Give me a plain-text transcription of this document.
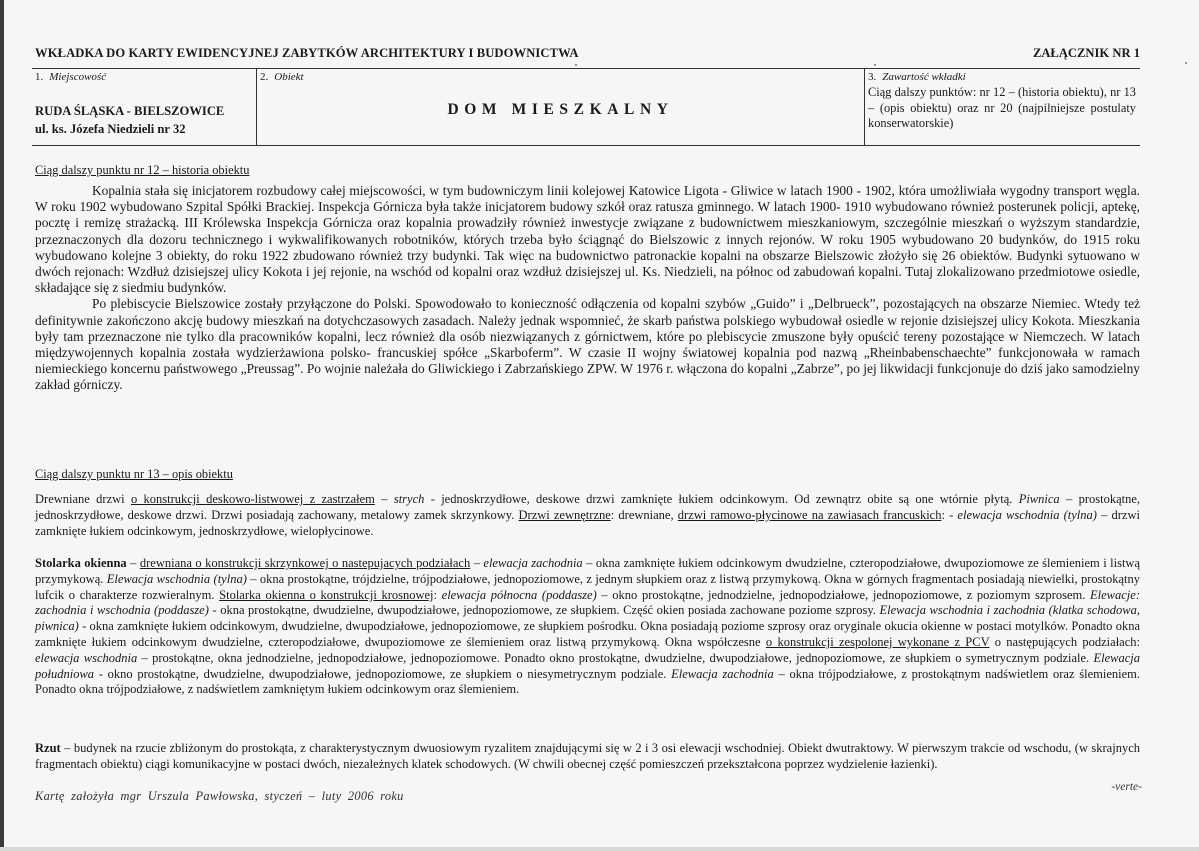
WKŁADKA DO KARTY EWIDENCYJNEJ ZABYTKÓW ARCHITEKTURY I BUDOWNICTWA	ZAŁĄCZNIK NR 1
1. Miejscowość
RUDA ŚLĄSKA - BIELSZOWICE
ul. ks. Józefa Niedzieli nr 32
2. Obiekt
DOM MIESZKALNY
3. Zawartość wkładki
Ciąg dalszy punktów: nr 12 – (historia obiektu), nr 13 – (opis obiektu) oraz nr 20 (najpilniejsze postulaty konserwatorskie)
Ciąg dalszy punktu nr 12 – historia obiektu

Kopalnia stała się inicjatorem rozbudowy całej miejscowości, w tym budowniczym linii kolejowej Katowice Ligota - Gliwice w latach 1900 - 1902, która umożliwiała wygodny transport węgla. W roku 1902 wybudowano Szpital Spółki Brackiej. Inspekcja Górnicza była także inicjatorem budowy szkół oraz ratusza gminnego. W latach 1900- 1910 wybudowano również posterunek policji, aptekę, pocztę i remizę strażacką. III Królewska Inspekcja Górnicza oraz kopalnia prowadziły również inwestycje związane z budownictwem mieszkaniowym, szczególnie mieszkań o wyższym standardzie, przeznaczonych dla dozoru technicznego i wykwalifikowanych robotników, których trzeba było ściągnąć do Bielszowic z innych rejonów. W roku 1905 wybudowano 20 budynków, do 1915 roku wybudowano kolejne 3 obiekty, do roku 1922 zbudowano również trzy budynki. Tak więc na budownictwo patronackie kopalni na obszarze Bielszowic złożyło się 26 obiektów. Budynki sytuowano w dwóch rejonach: Wzdłuż dzisiejszej ulicy Kokota i jej rejonie, na wschód od kopalni oraz wzdłuż dzisiejszej ul. Ks. Niedzieli, na północ od zabudowań kopalni. Tutaj zlokalizowano przedmiotowe osiedle, składające się z siedmiu budynków.

Po plebiscycie Bielszowice zostały przyłączone do Polski. Spowodowało to konieczność odłączenia od kopalni szybów „Guido” i „Delbrueck”, pozostających na obszarze Niemiec. Wtedy też definitywnie zakończono akcję budowy mieszkań na dotychczasowych zasadach. Należy jednak wspomnieć, że skarb państwa polskiego wybudował osiedle w rejonie dzisiejszej ulicy Kokota. Mieszkania były tam przeznaczone nie tylko dla pracowników kopalni, lecz również dla osób niezwiązanych z górnictwem, które po plebiscycie zmuszone były opuścić tereny pozostające w Niemczech. W latach międzywojennych kopalnia została wydzierżawiona polsko- francuskiej spółce „Skarboferm”. W czasie II wojny światowej kopalnia pod nazwą „Rheinbabenschaechte” funkcjonowała w ramach niemieckiego koncernu państwowego „Preussag”. Po wojnie należała do Gliwickiego i Zabrzańskiego ZPW. W 1976 r. włączona do kopalni „Zabrze”, po jej likwidacji funkcjonuje do dziś jako samodzielny zakład górniczy.

Ciąg dalszy punktu nr 13 – opis obiektu

Drewniane drzwi o konstrukcji deskowo-listwowej z zastrzałem – strych - jednoskrzydłowe, deskowe drzwi zamknięte łukiem odcinkowym. Od zewnątrz obite są one wtórnie płytą. Piwnica – prostokątne, jednoskrzydłowe, deskowe drzwi. Drzwi posiadają zachowany, metalowy zamek skrzynkowy. Drzwi zewnętrzne: drewniane, drzwi ramowo-płycinowe na zawiasach francuskich: - elewacja wschodnia (tylna) – drzwi zamknięte łukiem odcinkowym, jednoskrzydłowe, wielopłycinowe.

Stolarka okienna – drewniana o konstrukcji skrzynkowej o nastepujacych podziałach – elewacja zachodnia – okna zamknięte łukiem odcinkowym dwudzielne, czteropodziałowe, dwupoziomowe ze ślemieniem i listwą przymykową. Elewacja wschodnia (tylna) – okna prostokątne, trójdzielne, trójpodziałowe, jednopoziomowe, z jednym słupkiem oraz z listwą przymykową. Okna w górnych fragmentach posiadają niewielki, prostokątny lufcik o charakterze rozwieralnym. Stolarka okienna o konstrukcji krosnowej: elewacja północna (poddasze) – okno prostokątne, jednodzielne, jednopodziałowe, jednopoziomowe, z poziomym szprosem. Elewacje: zachodnia i wschodnia (poddasze) - okna prostokątne, dwudzielne, dwupodziałowe, jednopoziomowe, ze słupkiem. Część okien posiada zachowane poziome szprosy. Elewacja wschodnia i zachodnia (klatka schodowa, piwnica) - okna zamknięte łukiem odcinkowym, dwudzielne, dwupodziałowe, jednopoziomowe, ze słupkiem pośrodku. Okna posiadają poziome szprosy oraz oryginale okucia okienne w postaci motylków. Ponadto okna zamknięte łukiem odcinkowym dwudzielne, czteropodziałowe, dwupoziomowe ze ślemieniem oraz listwą przymykową. Okna współczesne o konstrukcji zespolonej wykonane z PCV o następujących podziałach: elewacja wschodnia – prostokątne, okna jednodzielne, jednopodziałowe, jednopoziomowe. Ponadto okno prostokątne, dwudzielne, dwupodziałowe, jednopoziomowe, ze słupkiem o symetrycznym podziale. Elewacja południowa - okno prostokątne, dwudzielne, dwupodziałowe, jednopoziomowe, ze słupkiem o niesymetrycznym podziale. Elewacja zachodnia – okna trójpodziałowe, z prostokątnym nadświetlem oraz ślemieniem. Ponadto okna trójpodziałowe, z nadświetlem zamkniętym łukiem odcinkowym oraz ślemieniem.

Rzut – budynek na rzucie zbliżonym do prostokąta, z charakterystycznym dwuosiowym ryzalitem znajdującymi się w 2 i 3 osi elewacji wschodniej. Obiekt dwutraktowy. W pierwszym trakcie od wschodu, (w skrajnych fragmentach obiektu) ciągi komunikacyjne w postaci dwóch, niezależnych klatek schodowych. (W chwili obecnej część pomieszczeń przekształcona poprzez wydzielenie łazienki).

Kartę założyła mgr Urszula Pawłowska, styczeń – luty 2006 roku
-verte-
